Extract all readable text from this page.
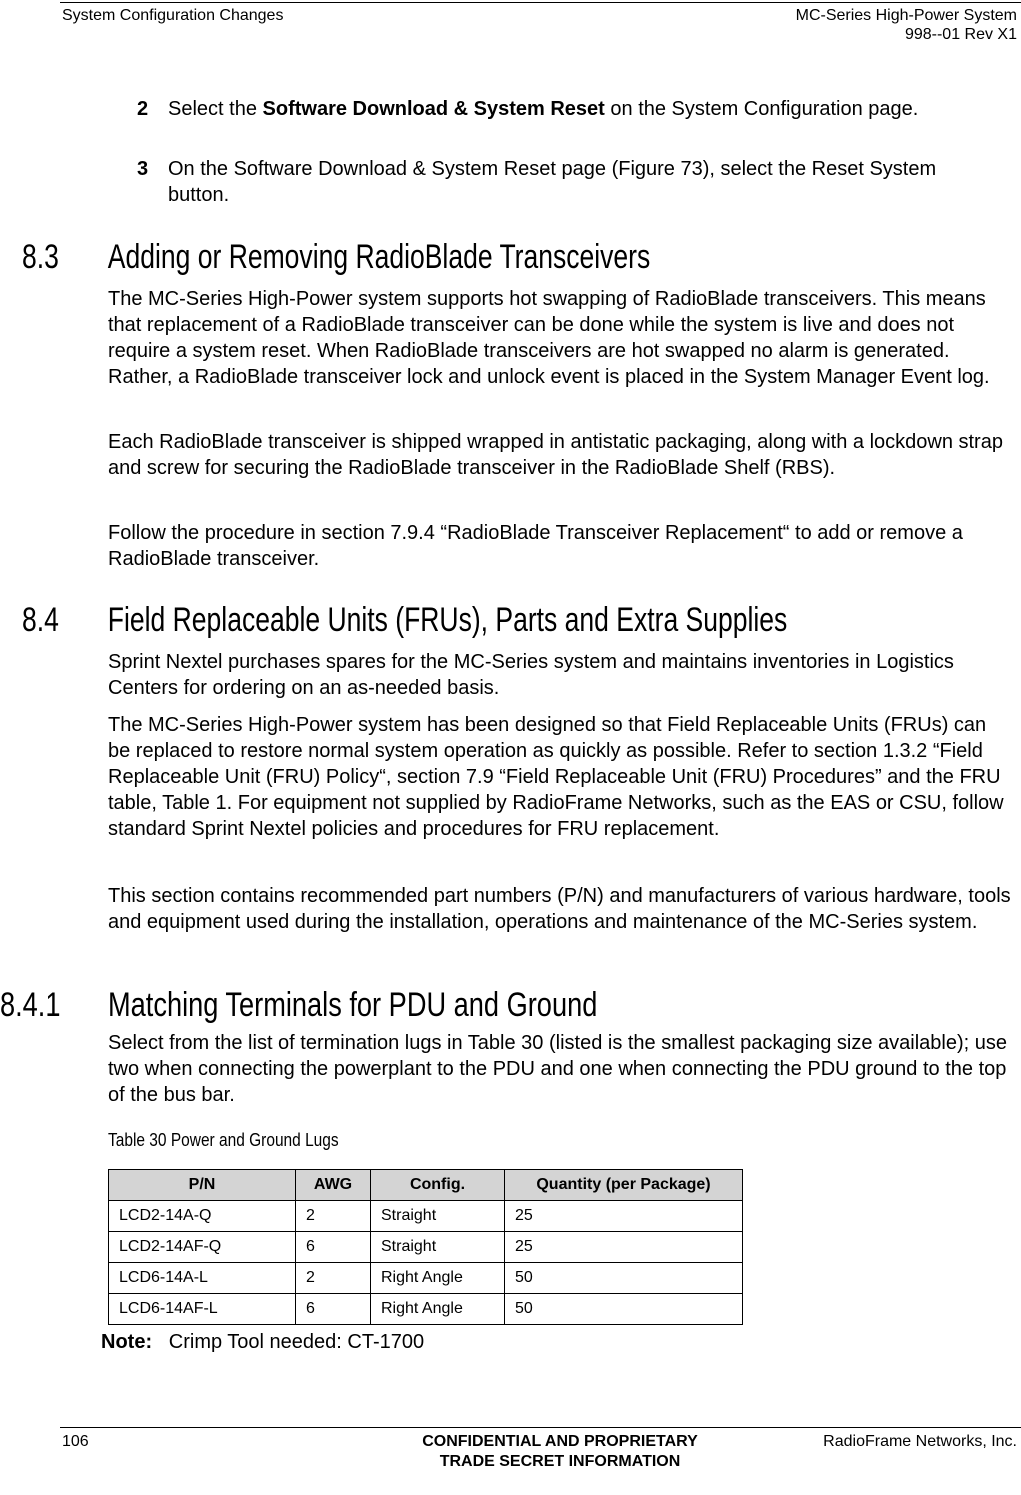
System Configuration Changes	MC-Series High-Power System
998--01 Rev X1
2 Select the Software Download & System Reset on the System Configuration page.
3 On the Software Download & System Reset page (Figure 73), select the Reset System button.
8.3 Adding or Removing RadioBlade Transceivers
The MC-Series High-Power system supports hot swapping of RadioBlade transceivers. This means that replacement of a RadioBlade transceiver can be done while the system is live and does not require a system reset. When RadioBlade transceivers are hot swapped no alarm is generated. Rather, a RadioBlade transceiver lock and unlock event is placed in the System Manager Event log.
Each RadioBlade transceiver is shipped wrapped in antistatic packaging, along with a lockdown strap and screw for securing the RadioBlade transceiver in the RadioBlade Shelf (RBS).
Follow the procedure in section 7.9.4 “RadioBlade Transceiver Replacement“ to add or remove a RadioBlade transceiver.
8.4 Field Replaceable Units (FRUs), Parts and Extra Supplies
Sprint Nextel purchases spares for the MC-Series system and maintains inventories in Logistics Centers for ordering on an as-needed basis.
The MC-Series High-Power system has been designed so that Field Replaceable Units (FRUs) can be replaced to restore normal system operation as quickly as possible. Refer to section 1.3.2 “Field Replaceable Unit (FRU) Policy“, section 7.9 “Field Replaceable Unit (FRU) Procedures” and the FRU table, Table 1. For equipment not supplied by RadioFrame Networks, such as the EAS or CSU, follow standard Sprint Nextel policies and procedures for FRU replacement.
This section contains recommended part numbers (P/N) and manufacturers of various hardware, tools and equipment used during the installation, operations and maintenance of the MC-Series system.
8.4.1 Matching Terminals for PDU and Ground
Select from the list of termination lugs in Table 30 (listed is the smallest packaging size available); use two when connecting the powerplant to the PDU and one when connecting the PDU ground to the top of the bus bar.
Table 30 Power and Ground Lugs
P/N	AWG	Config.	Quantity (per Package)
LCD2-14A-Q	2	Straight	25
LCD2-14AF-Q	6	Straight	25
LCD6-14A-L	2	Right Angle	50
LCD6-14AF-L	6	Right Angle	50
Note: Crimp Tool needed: CT-1700
106	CONFIDENTIAL AND PROPRIETARY
TRADE SECRET INFORMATION
RadioFrame Networks, Inc.
